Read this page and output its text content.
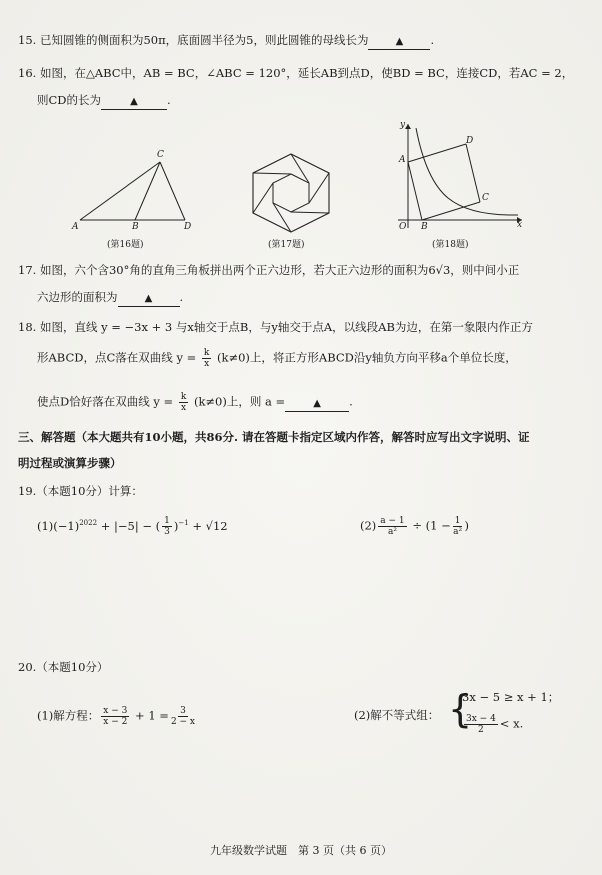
15. 已知圆锥的侧面积为50π，底面圆半径为5，则此圆锥的母线长为	▲ .
16. 如图，在△ABC中，AB = BC，∠ABC = 120°，延长AB到点D，使BD = BC，连接CD，若AC = 2，
则CD的长为	▲	.
A	B
C
D
(第16题)	(第17题)
y
x
O
A
B
C
D
(第18题)
17. 如图，六个含30°角的直角三角板拼出两个正六边形，若大正六边形的面积为6√3，则中间小正
六边形的面积为	▲ .
18. 如图，直线 y = −3x + 3 与x轴交于点B，与y轴交于点A，以线段AB为边，在第一象限内作正方
形ABCD，点C落在双曲线 $y = \frac{k}{x} (k\ne 0)$上，将正方形ABCD沿y轴负方向平移a个单位长度，
使点D恰好落在双曲线 $y = \frac{k}{x} (k\ne 0)$上，则 a =	▲ .
三、解答题（本大题共有10小题，共86分. 请在答题卡指定区域内作答，解答时应写出文字说明、证
明过程或演算步骤）
19.（本题10分）计算：
$(1)(-1)^{2022} + |-5|$ − ( $\frac{1}{3} )^{-1} + √12$	$(2) \frac{a - 1}{\text{a²}} \div (1 - \frac{1}{\text{a²}}$ )
20.（本题10分）
(1)解方程： $\frac{x - 3}{x - 2} + 1 = \frac{3}{2 - x}$	(2)解不等式组： {
3x − 5 ≥ x + 1；
$\frac{3x - 4}{2} < x$.
九年级数学试题　第 3 页（共 6 页）
